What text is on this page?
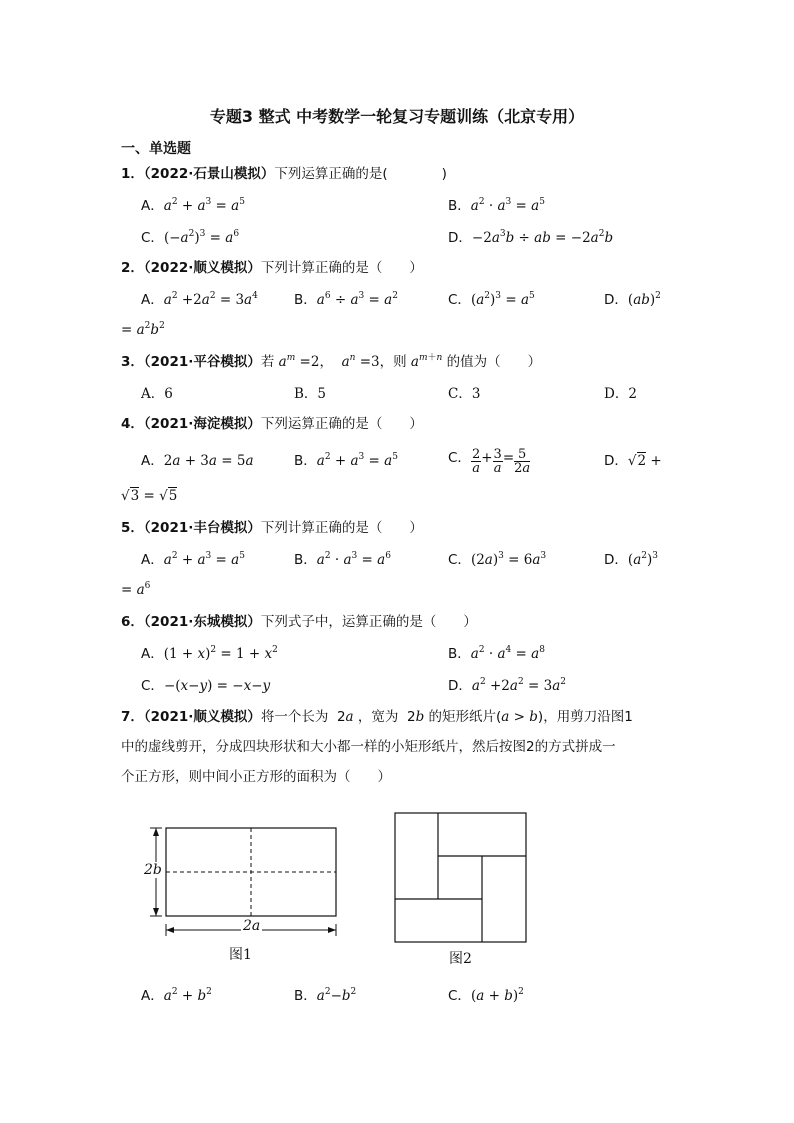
专题3 整式 中考数学一轮复习专题训练（北京专用）
一、单选题
1．（2022·石景山模拟）下列运算正确的是(　　　　)
A．$a^2 + a^3 = a^5$	B．$a^2 \cdot a^3 = a^5$
C．$(-a^2)^3 = a^6$	D．$-2a^3b$ ÷ ab = $-2a^2b$
2．（2022·顺义模拟）下列计算正确的是（　　）
A．$a^2 +2a^2 = 3a^4$	B．$a^6 \div a^3 = a^2$	C．$(a^2)^3 = a^5$	D．(ab)$^2$
= $a^2b^2$
3．（2021·平谷模拟）若 $a^m =2$， $a^n =3$，则 $a^{m+n}$ 的值为（　　）
A．6	B．5	C．3	D．2
4．（2021·海淀模拟）下列运算正确的是（　　）
A．2a + 3a = 5a	B．$a^2 + a^3 = a^5$	C． $\frac{2}{a} + \frac{3}{a} = \frac{5}{2a}$	D．√2 +
√3 = √5
5．（2021·丰台模拟）下列计算正确的是（　　）
A．$a^2 + a^3 = a^5$	B．$a^2 \cdot a^3 = a^6$	C．$(2a)^3 = 6a^3$	D．$(a^2)^3$
= $a^6$
6．（2021·东城模拟）下列式子中，运算正确的是（　　）
A．$(1 + x)^2 = 1 + x^2$	B．$a^2 \cdot a^4 = a^8$
C．−(x−y) = −x−y	D．$a^2 +2a^2 = 3a^2$
7．（2021·顺义模拟）将一个长为  2a ，宽为  2b 的矩形纸片(a > b)，用剪刀沿图1
中的虚线剪开，分成四块形状和大小都一样的小矩形纸片，然后按图2的方式拼成一
个正方形，则中间小正方形的面积为（　　）
2b
2a
图1	图2
A．$a^2 + b^2$	B．$a^2-b^2$	C．$(a + b)^2$
